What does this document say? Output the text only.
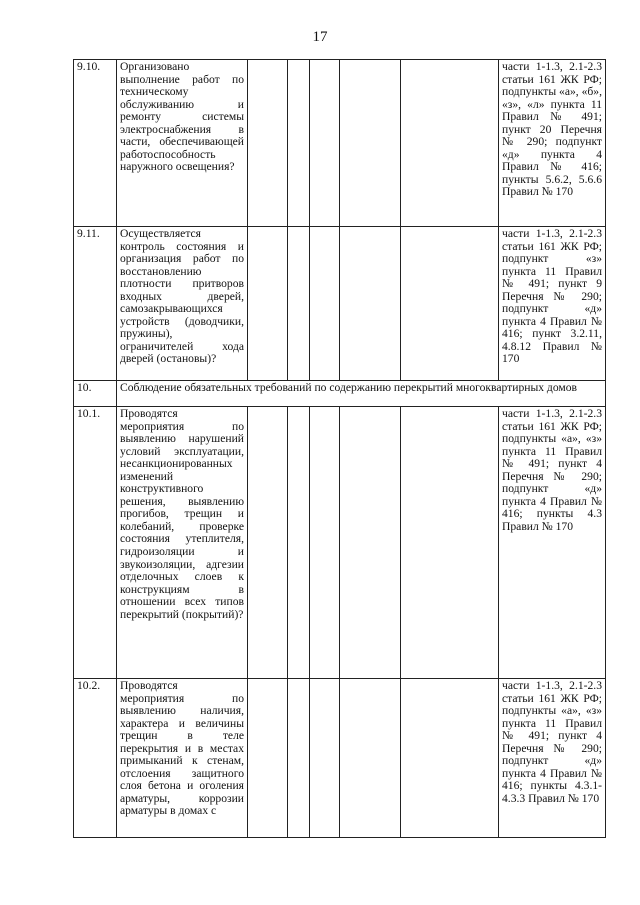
17
9.10.	Организовано выполнение работ по техническому обслуживанию и ремонту системы электроснабжения в части, обеспечивающей работоспособность наружного освещения?						части 1-1.3, 2.1-2.3 статьи 161 ЖК РФ; подпункты «а», «б», «з», «л» пункта 11 Правил № 491; пункт 20 Перечня № 290; подпункт «д» пункта 4 Правил № 416; пункты 5.6.2, 5.6.6 Правил № 170
9.11.	Осуществляется контроль состояния и организация работ по восстановлению плотности притворов входных дверей, самозакрывающихся устройств (доводчики, пружины), ограничителей хода дверей (остановы)?						части 1-1.3, 2.1-2.3 статьи 161 ЖК РФ; подпункт «з» пункта 11 Правил № 491; пункт 9 Перечня № 290; подпункт «д» пункта 4 Правил № 416; пункт 3.2.11, 4.8.12 Правил № 170
10.	Соблюдение обязательных требований по содержанию перекрытий многоквартирных домов						
10.1.	Проводятся мероприятия по выявлению нарушений условий эксплуатации, несанкционированных изменений конструктивного решения, выявлению прогибов, трещин и колебаний, проверке состояния утеплителя, гидроизоляции и звукоизоляции, адгезии отделочных слоев к конструкциям в отношении всех типов перекрытий (покрытий)?						части 1-1.3, 2.1-2.3 статьи 161 ЖК РФ; подпункты «а», «з» пункта 11 Правил № 491; пункт 4 Перечня № 290; подпункт «д» пункта 4 Правил № 416; пункты 4.3 Правил № 170
10.2.	Проводятся мероприятия по выявлению наличия, характера и величины трещин в теле перекрытия и в местах примыканий к стенам, отслоения защитного слоя бетона и оголения арматуры, коррозии арматуры в домах с						части 1-1.3, 2.1-2.3 статьи 161 ЖК РФ; подпункты «а», «з» пункта 11 Правил № 491; пункт 4 Перечня № 290; подпункт «д» пункта 4 Правил № 416; пункты 4.3.1-4.3.3 Правил № 170
